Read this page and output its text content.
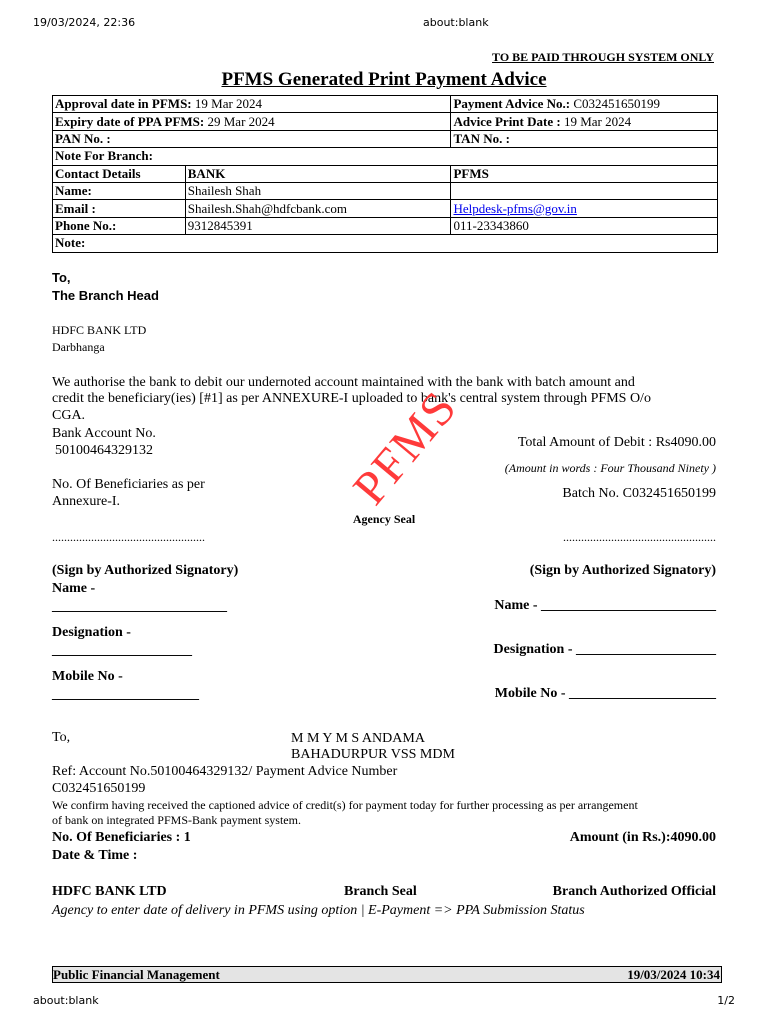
19/03/2024, 22:36	about:blank
TO BE PAID THROUGH SYSTEM ONLY
PFMS Generated Print Payment Advice
Approval date in PFMS: 19 Mar 2024		Payment Advice No.: C032451650199
Expiry date of PPA PFMS: 29 Mar 2024		Advice Print Date : 19 Mar 2024
PAN No. :		TAN No. :
Note For Branch:		
Contact Details	BANK	PFMS
Name:	Shailesh Shah	
Email :	Shailesh.Shah@hdfcbank.com	Helpdesk-pfms@gov.in
Phone No.:	9312845391	011-23343860
Note:		
To,
The Branch Head
HDFC BANK LTD
Darbhanga
We authorise the bank to debit our undernoted account maintained with the bank with batch amount and
credit the beneficiary(ies) [#1] as per ANNEXURE-I uploaded to bank's central system through PFMS O/o
CGA.
Bank Account No.
50100464329132
Total Amount of Debit : Rs4090.00
(Amount in words : Four Thousand Ninety )
No. Of Beneficiaries as per
Annexure-I.
Batch No. C032451650199
Agency Seal
...................................................	...................................................
PFMS
(Sign by Authorized Signatory)	(Sign by Authorized Signatory)
Name -
_________________________	Name - _________________________
Designation -
____________________	Designation - ____________________
Mobile No -
_____________________	Mobile No - _____________________
To,	M M Y M S ANDAMA
BAHADURPUR VSS MDM
Ref: Account No.50100464329132/ Payment Advice Number
C032451650199
We confirm having received the captioned advice of credit(s) for payment today for further processing as per arrangement
of bank on integrated PFMS-Bank payment system.
No. Of Beneficiaries : 1	Amount (in Rs.):4090.00
Date & Time :
HDFC BANK LTD	Branch Seal	Branch Authorized Official
Agency to enter date of delivery in PFMS using option | E-Payment => PPA Submission Status
Public Financial Management	19/03/2024 10:34
about:blank	1/2
